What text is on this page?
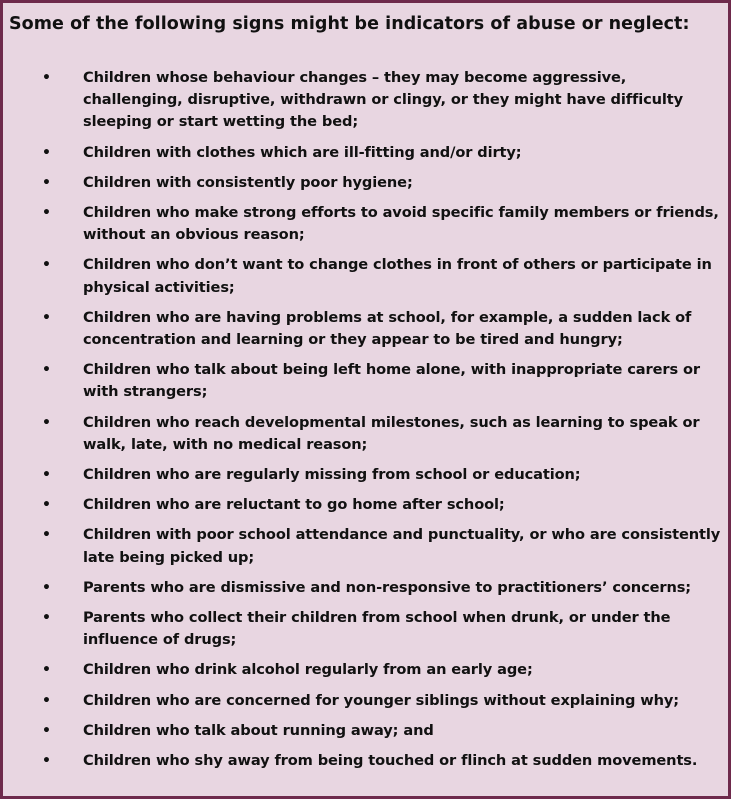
Some of the following signs might be indicators of abuse or neglect:

• Children whose behaviour changes – they may become aggressive, challenging, disruptive, withdrawn or clingy, or they might have difficulty sleeping or start wetting the bed;
• Children with clothes which are ill-fitting and/or dirty;
• Children with consistently poor hygiene;
• Children who make strong efforts to avoid specific family members or friends, without an obvious reason;
• Children who don’t want to change clothes in front of others or participate in physical activities;
• Children who are having problems at school, for example, a sudden lack of concentration and learning or they appear to be tired and hungry;
• Children who talk about being left home alone, with inappropriate carers or with strangers;
• Children who reach developmental milestones, such as learning to speak or walk, late, with no medical reason;
• Children who are regularly missing from school or education;
• Children who are reluctant to go home after school;
• Children with poor school attendance and punctuality, or who are consistently late being picked up;
• Parents who are dismissive and non-responsive to practitioners’ concerns;
• Parents who collect their children from school when drunk, or under the influence of drugs;
• Children who drink alcohol regularly from an early age;
• Children who are concerned for younger siblings without explaining why;
• Children who talk about running away; and
• Children who shy away from being touched or flinch at sudden movements.
